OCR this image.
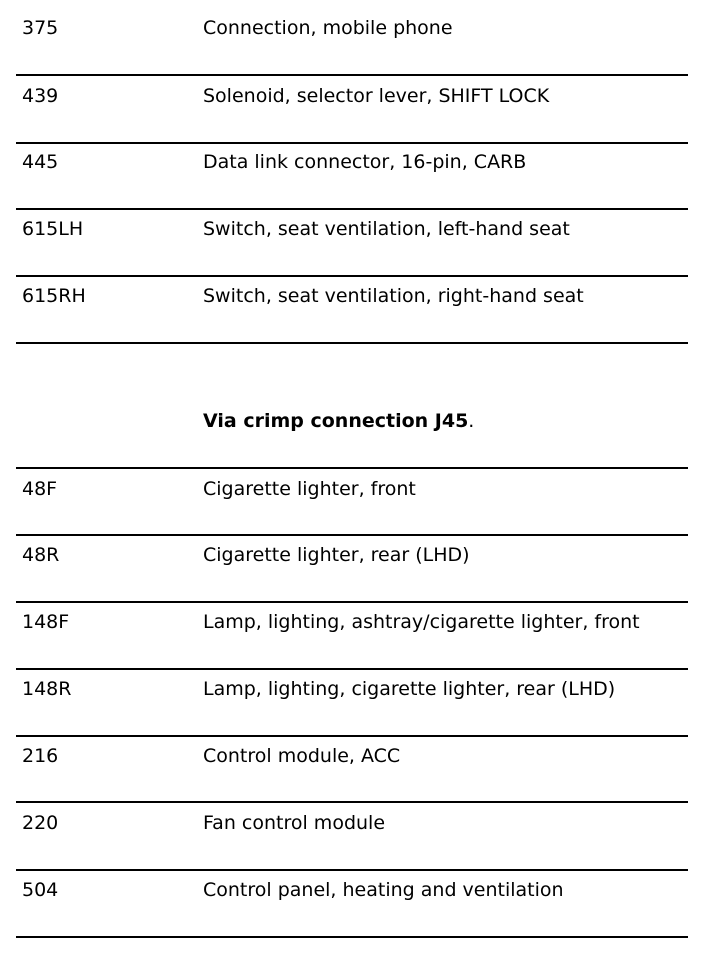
375	Connection, mobile phone
439	Solenoid, selector lever, SHIFT LOCK
445	Data link connector, 16-pin, CARB
615LH	Switch, seat ventilation, left-hand seat
615RH	Switch, seat ventilation, right-hand seat
Via crimp connection J45.
48F	Cigarette lighter, front
48R	Cigarette lighter, rear (LHD)
148F	Lamp, lighting, ashtray/cigarette lighter, front
148R	Lamp, lighting, cigarette lighter, rear (LHD)
216	Control module, ACC
220	Fan control module
504	Control panel, heating and ventilation
